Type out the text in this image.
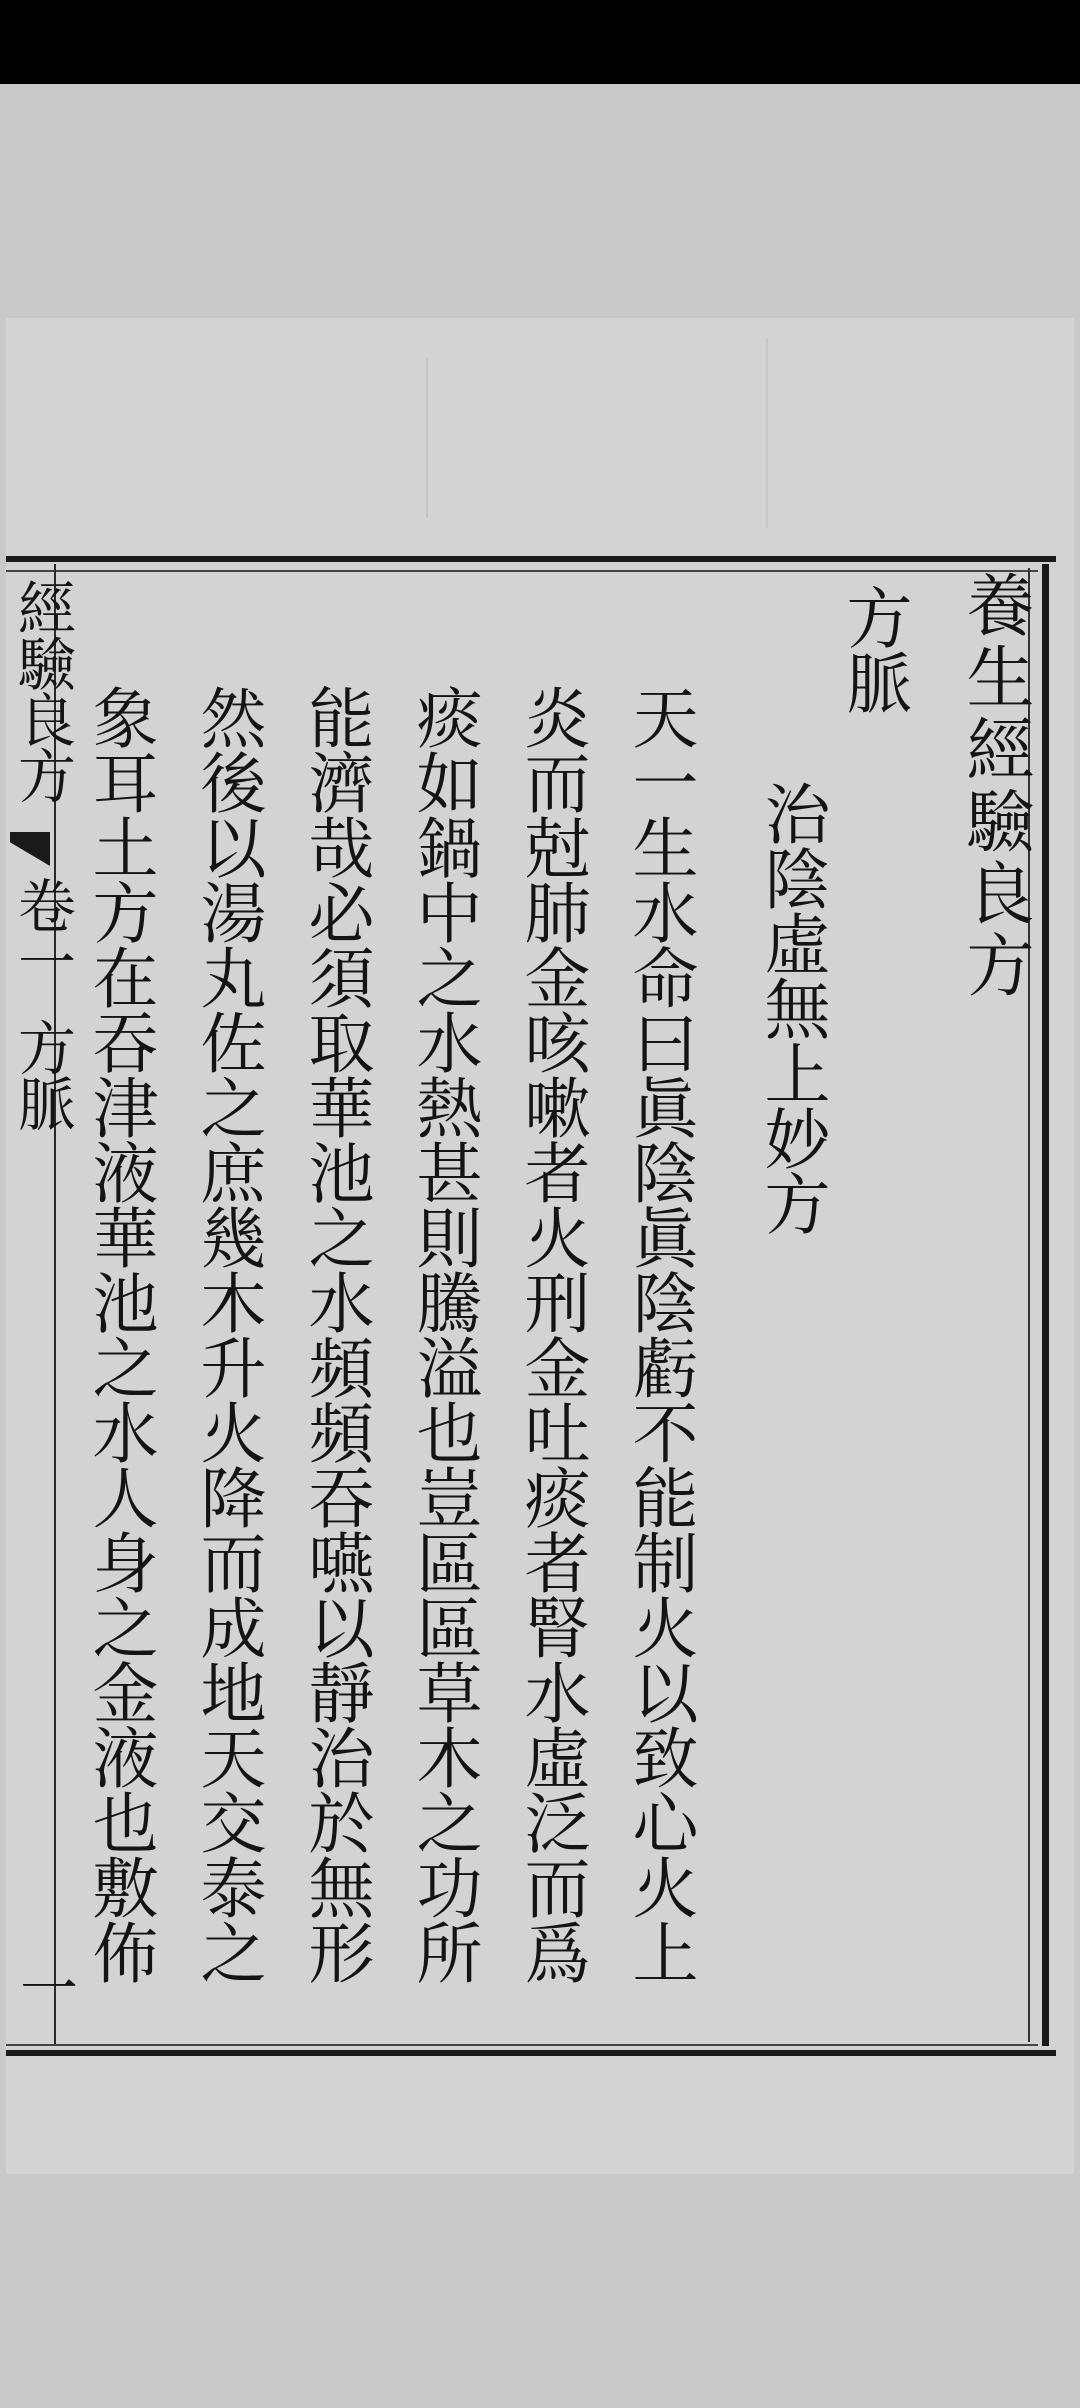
養生經驗良方
方脈
治陰虛無上妙方
天一生水命曰眞陰眞陰虧不能制火以致心火上
炎而尅肺金咳嗽者火刑金吐痰者腎水虛泛而爲
痰如鍋中之水熱甚則騰溢也豈區區草木之功所
能濟哉必須取華池之水頻頻吞嚥以靜治於無形
然後以湯丸佐之庶幾木升火降而成地天交泰之
象耳土方在吞津液華池之水人身之金液也敷佈
經驗良方
卷一
方脈
一
